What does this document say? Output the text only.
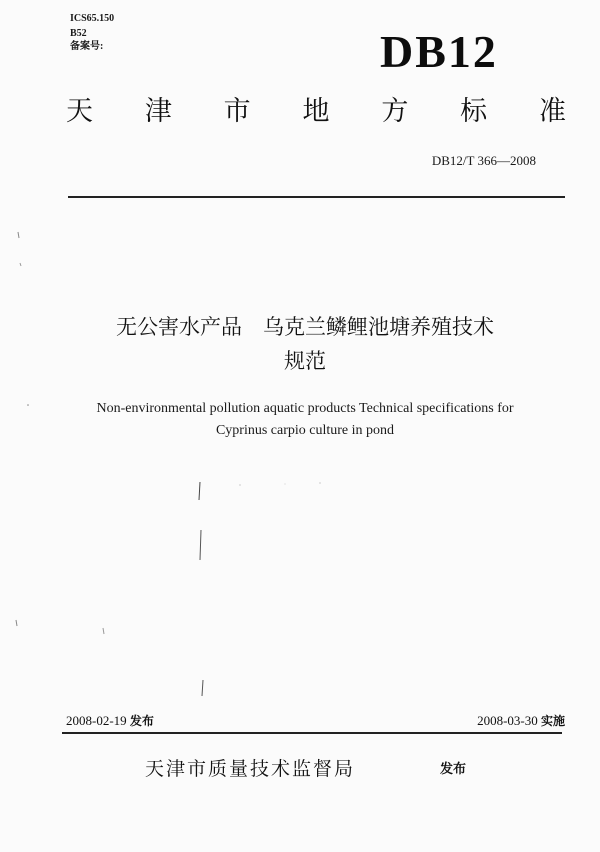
ICS65.150
B52
备案号:	DB12
天 津 市 地 方 标 准
DB12/T 366—2008
无公害水产品　乌克兰鳞鲤池塘养殖技术
规范
Non-environmental pollution aquatic products Technical specifications for
Cyprinus carpio culture in pond
2008-02-19 发布	2008-03-30 实施
天津市质量技术监督局	发布
